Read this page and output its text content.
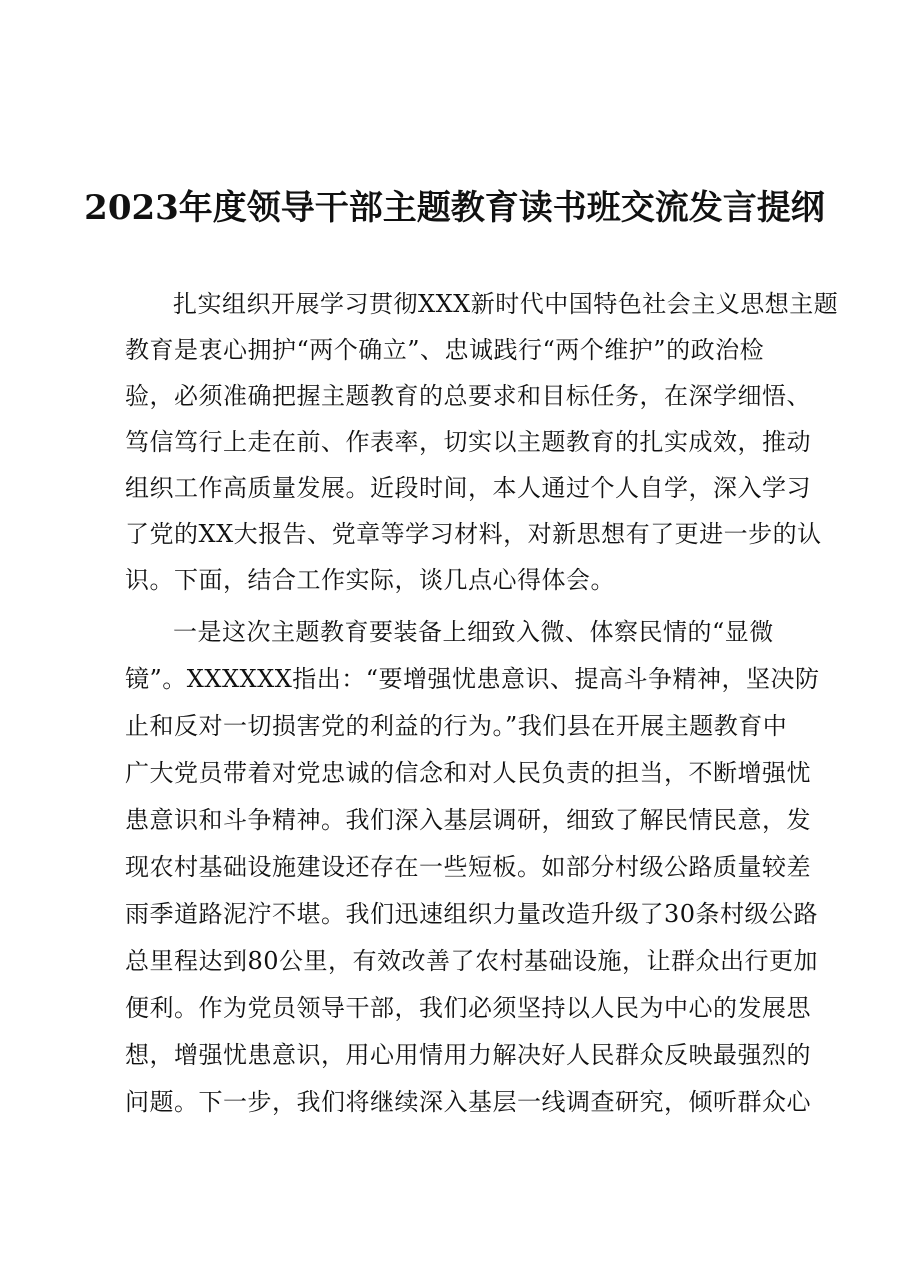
2023年度领导干部主题教育读书班交流发言提纲
扎实组织开展学习贯彻XXX新时代中国特色社会主义思想主题
教育是衷心拥护“两个确立”、忠诚践行“两个维护”的政治检
验，必须准确把握主题教育的总要求和目标任务，在深学细悟、
笃信笃行上走在前、作表率，切实以主题教育的扎实成效，推动
组织工作高质量发展。近段时间，本人通过个人自学，深入学习
了党的XX大报告、党章等学习材料，对新思想有了更进一步的认
识。下面，结合工作实际，谈几点心得体会。
一是这次主题教育要装备上细致入微、体察民情的“显微
镜”。XXXXXX指出：“要增强忧患意识、提高斗争精神，坚决防
止和反对一切损害党的利益的行为。”我们县在开展主题教育中
广大党员带着对党忠诚的信念和对人民负责的担当，不断增强忧
患意识和斗争精神。我们深入基层调研，细致了解民情民意，发
现农村基础设施建设还存在一些短板。如部分村级公路质量较差
雨季道路泥泞不堪。我们迅速组织力量改造升级了30条村级公路
总里程达到80公里，有效改善了农村基础设施，让群众出行更加
便利。作为党员领导干部，我们必须坚持以人民为中心的发展思
想，增强忧患意识，用心用情用力解决好人民群众反映最强烈的
问题。下一步，我们将继续深入基层一线调查研究，倾听群众心
